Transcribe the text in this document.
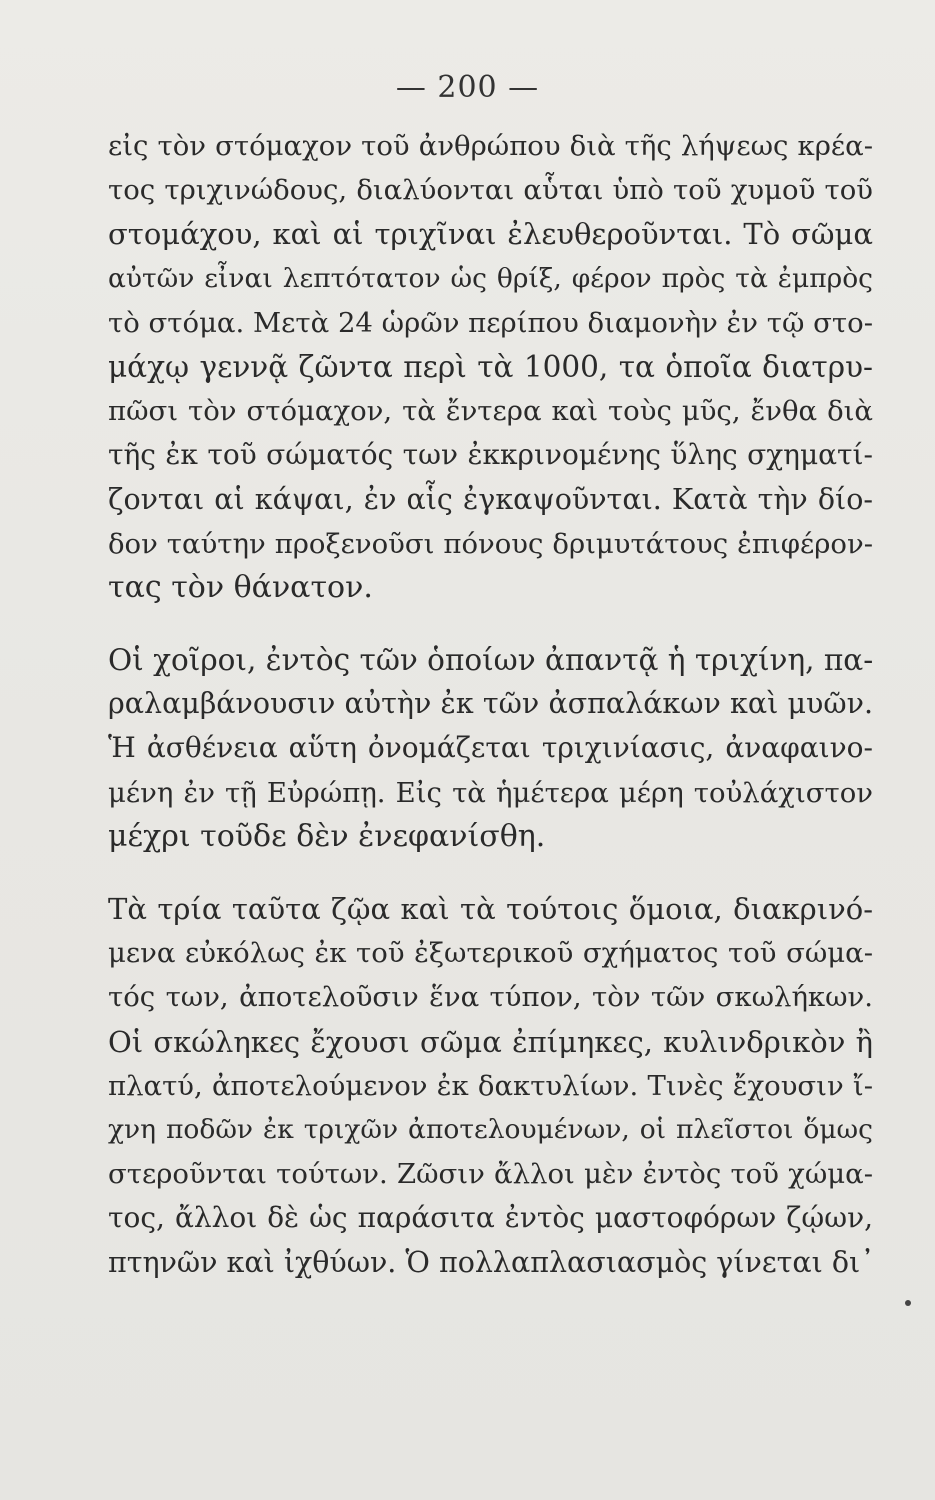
— 200 —
εἰς τὸν στόμαχον τοῦ ἀνθρώπου διὰ τῆς λήψεως κρέα-
τος τριχινώδους, διαλύονται αὗται ὑπὸ τοῦ χυμοῦ τοῦ
στομάχου, καὶ αἱ τριχῖναι ἐλευθεροῦνται. Τὸ σῶμα
αὐτῶν εἶναι λεπτότατον ὡς θρίξ, φέρον πρὸς τὰ ἐμπρὸς
τὸ στόμα. Μετὰ 24 ὡρῶν περίπου διαμονὴν ἐν τῷ στο-
μάχῳ γεννᾷ ζῶντα περὶ τὰ 1000, τα ὁποῖα διατρυ-
πῶσι τὸν στόμαχον, τὰ ἔντερα καὶ τοὺς μῦς, ἔνθα διὰ
τῆς ἐκ τοῦ σώματός των ἐκκρινομένης ὕλης σχηματί-
ζονται αἱ κάψαι, ἐν αἷς ἐγκαψοῦνται. Κατὰ τὴν δίο-
δον ταύτην προξενοῦσι πόνους δριμυτάτους ἐπιφέρον-
τας τὸν θάνατον.
Οἱ χοῖροι, ἐντὸς τῶν ὁποίων ἀπαντᾷ ἡ τριχίνη, πα-
ραλαμβάνουσιν αὐτὴν ἐκ τῶν ἀσπαλάκων καὶ μυῶν.
Ἡ ἀσθένεια αὕτη ὀνομάζεται τριχινίασις, ἀναφαινο-
μένη ἐν τῇ Εὐρώπῃ. Εἰς τὰ ἡμέτερα μέρη τοὐλάχιστον
μέχρι τοῦδε δὲν ἐνεφανίσθη.
Τὰ τρία ταῦτα ζῷα καὶ τὰ τούτοις ὅμοια, διακρινό-
μενα εὐκόλως ἐκ τοῦ ἐξωτερικοῦ σχήματος τοῦ σώμα-
τός των, ἀποτελοῦσιν ἕνα τύπον, τὸν τῶν σκωλήκων.
Οἱ σκώληκες ἔχουσι σῶμα ἐπίμηκες, κυλινδρικὸν ἢ
πλατύ, ἀποτελούμενον ἐκ δακτυλίων. Τινὲς ἔχουσιν ἴ-
χνη ποδῶν ἐκ τριχῶν ἀποτελουμένων, οἱ πλεῖστοι ὅμως
στεροῦνται τούτων. Ζῶσιν ἄλλοι μὲν ἐντὸς τοῦ χώμα-
τος, ἄλλοι δὲ ὡς παράσιτα ἐντὸς μαστοφόρων ζῴων,
πτηνῶν καὶ ἰχθύων. Ὁ πολλαπλασιασμὸς γίνεται δι᾽
